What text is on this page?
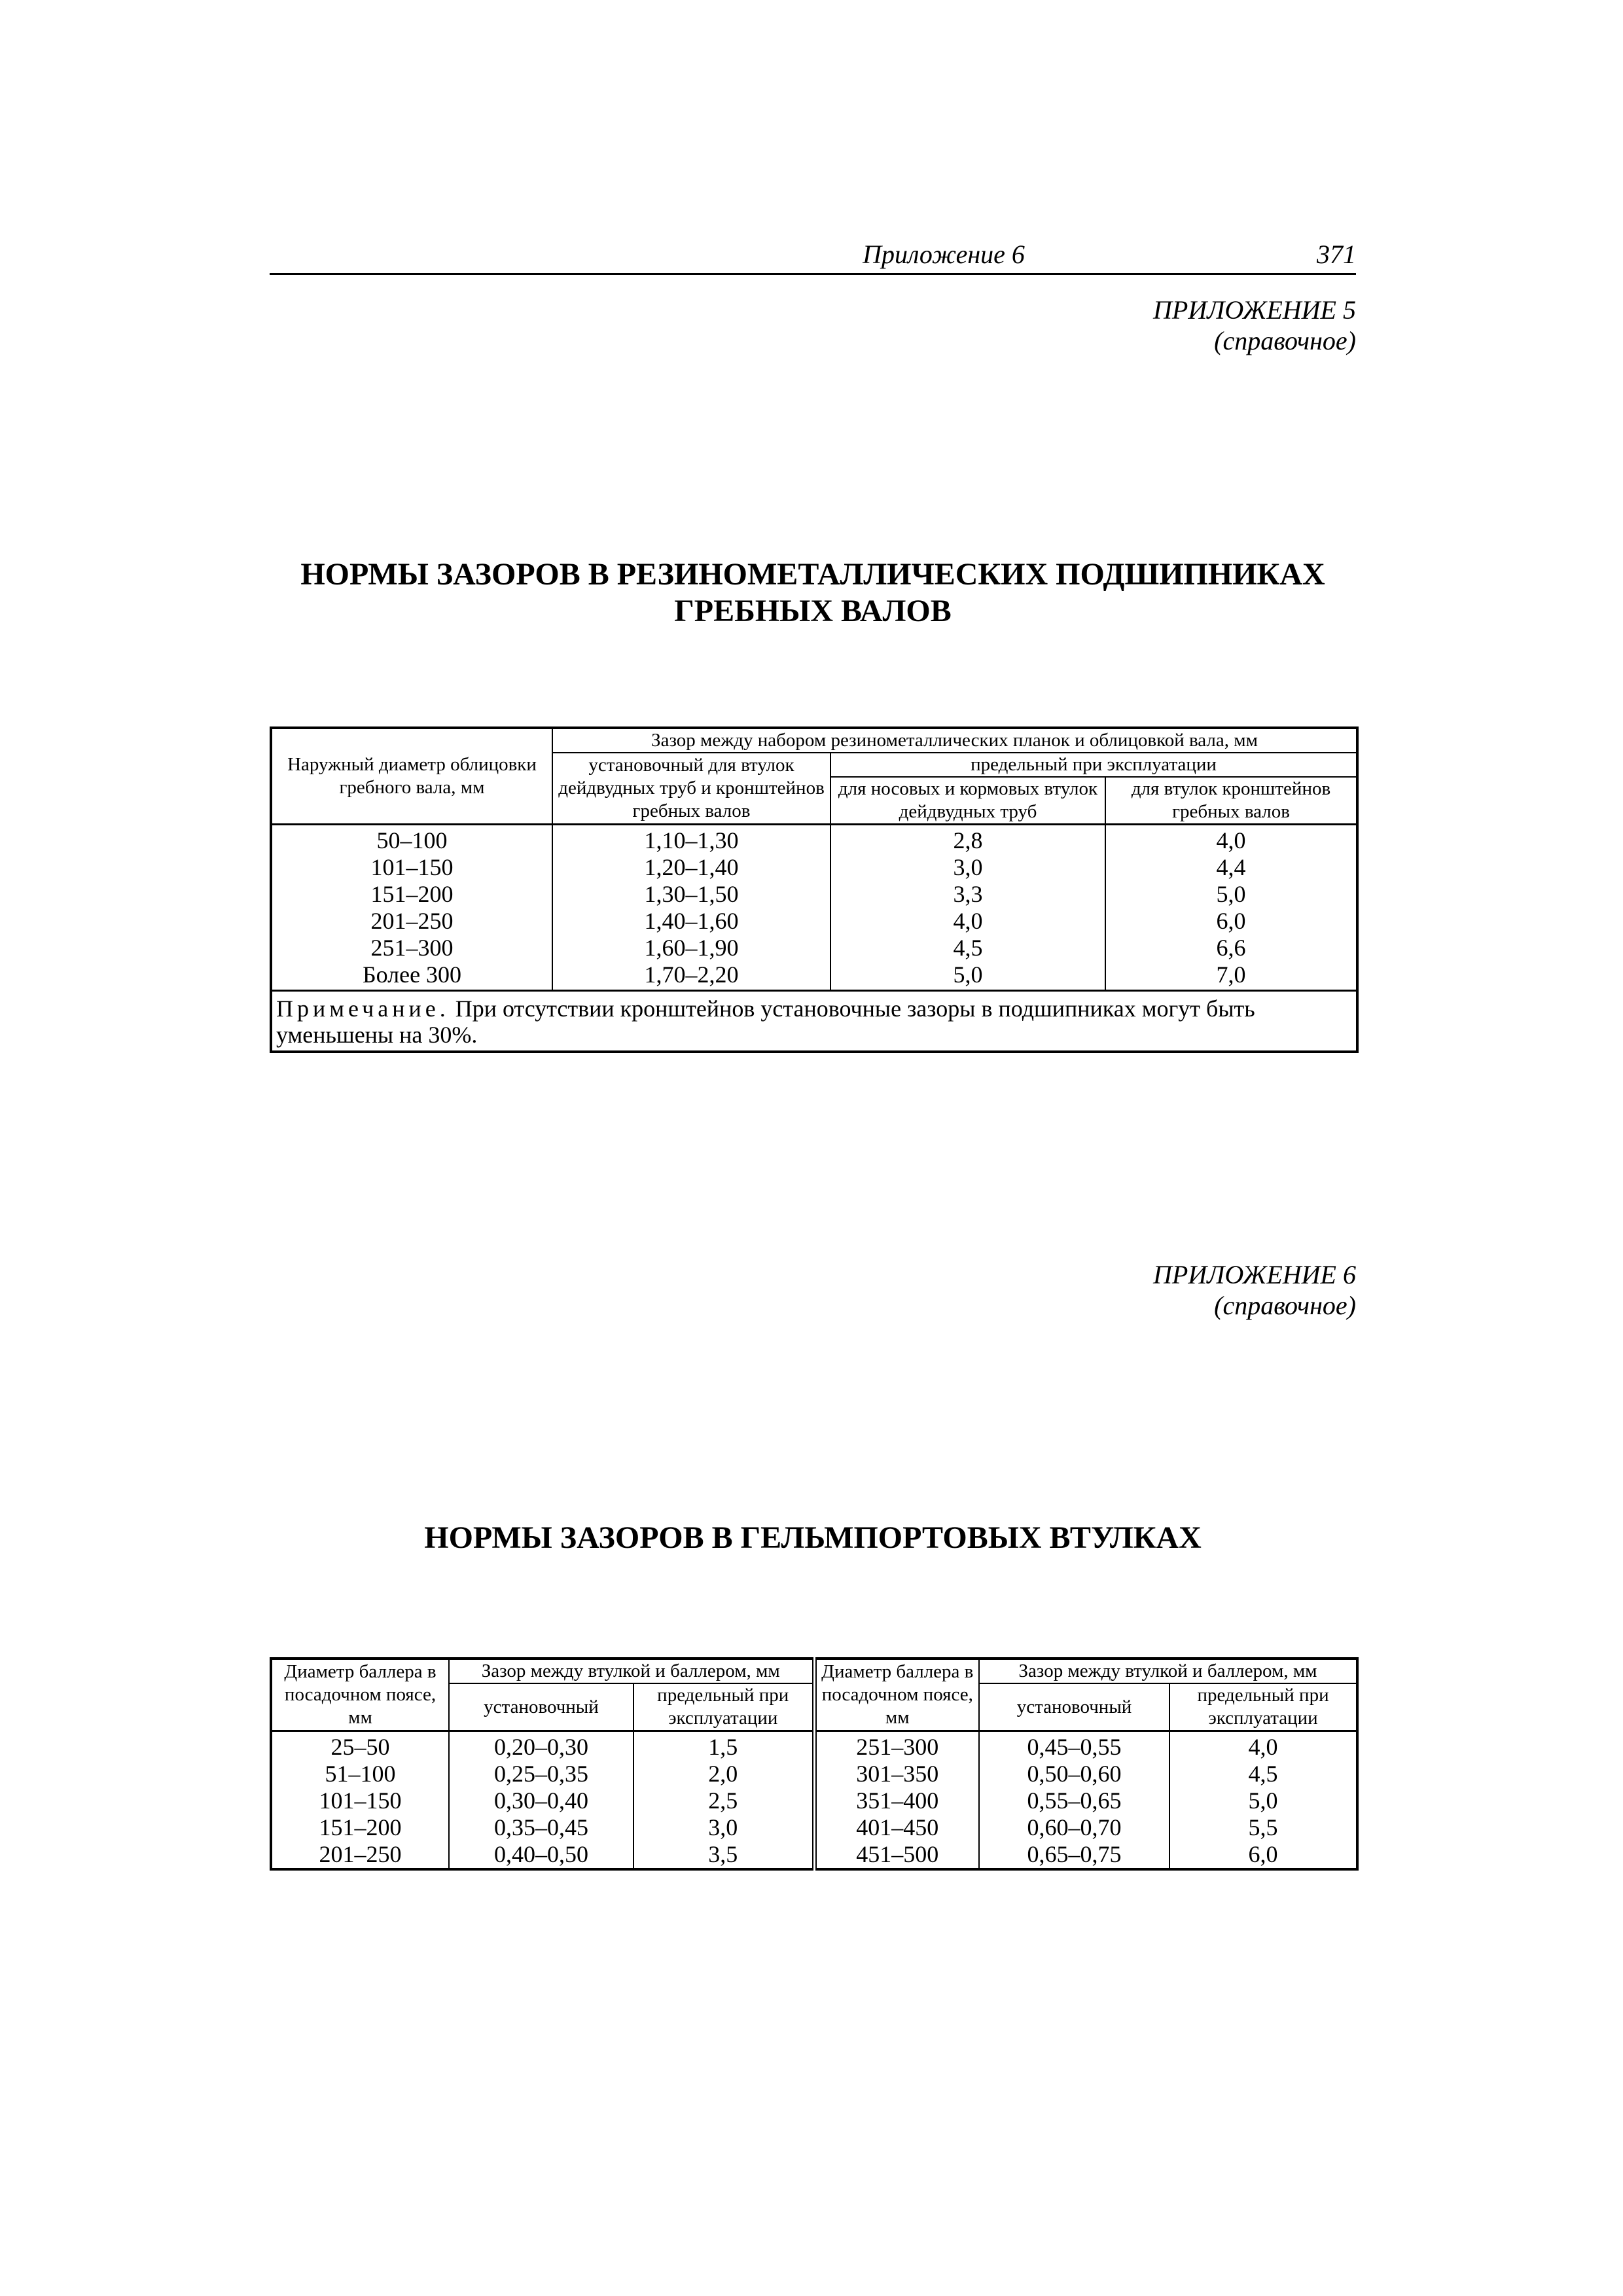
Приложение 6	371
ПРИЛОЖЕНИЕ 5
(справочное)
НОРМЫ ЗАЗОРОВ В РЕЗИНОМЕТАЛЛИЧЕСКИХ ПОДШИПНИКАХ
ГРЕБНЫХ ВАЛОВ
Наружный диаметр облицовки гребного вала, мм	Зазор между набором резинометаллических планок и облицовкой вала, мм		
	установочный для втулок дейдвудных труб и кронштейнов гребных валов	предельный при эксплуатации	
		для носовых и кормовых втулок дейдвудных труб	для втулок кронштейнов гребных валов
50–100	1,10–1,30	2,8	4,0
101–150	1,20–1,40	3,0	4,4
151–200	1,30–1,50	3,3	5,0
201–250	1,40–1,60	4,0	6,0
251–300	1,60–1,90	4,5	6,6
Более 300	1,70–2,20	5,0	7,0
Примечание. При отсутствии кронштейнов установочные зазоры в подшипниках могут быть уменьшены на 30%.			
ПРИЛОЖЕНИЕ 6
(справочное)
НОРМЫ ЗАЗОРОВ В ГЕЛЬМПОРТОВЫХ ВТУЛКАХ
Диаметр баллера в посадочном поясе, мм	Зазор между втулкой и баллером, мм		Диаметр баллера в посадочном поясе, мм	Зазор между втулкой и баллером, мм	
	установочный	предельный при эксплуатации		установочный	предельный при эксплуатации
25–50	0,20–0,30	1,5	251–300	0,45–0,55	4,0
51–100	0,25–0,35	2,0	301–350	0,50–0,60	4,5
101–150	0,30–0,40	2,5	351–400	0,55–0,65	5,0
151–200	0,35–0,45	3,0	401–450	0,60–0,70	5,5
201–250	0,40–0,50	3,5	451–500	0,65–0,75	6,0
